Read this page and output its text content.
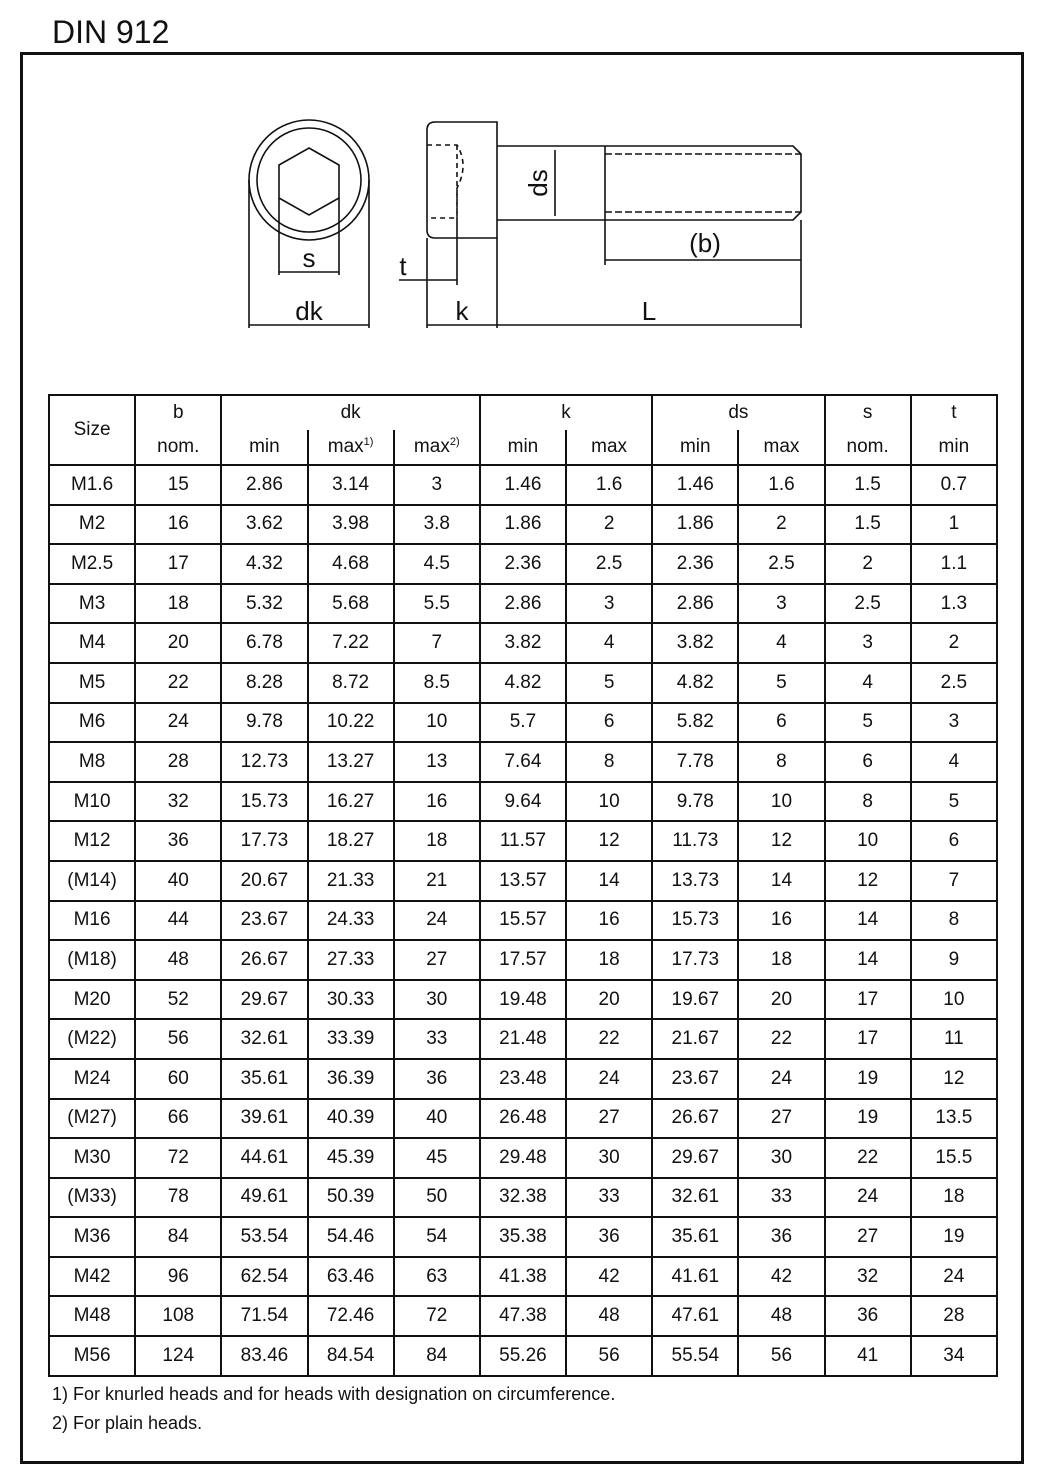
DIN 912
s
dk
t
k
ds
(b)
L
Size	b	dk			k		ds		s	t
	nom.	min	$\max^{1)}$	$\max^{2)}$	min	max	min	max	nom.	min
M1.6	15	2.86	3.14	3	1.46	1.6	1.46	1.6	1.5	0.7
M2	16	3.62	3.98	3.8	1.86	2	1.86	2	1.5	1
M2.5	17	4.32	4.68	4.5	2.36	2.5	2.36	2.5	2	1.1
M3	18	5.32	5.68	5.5	2.86	3	2.86	3	2.5	1.3
M4	20	6.78	7.22	7	3.82	4	3.82	4	3	2
M5	22	8.28	8.72	8.5	4.82	5	4.82	5	4	2.5
M6	24	9.78	10.22	10	5.7	6	5.82	6	5	3
M8	28	12.73	13.27	13	7.64	8	7.78	8	6	4
M10	32	15.73	16.27	16	9.64	10	9.78	10	8	5
M12	36	17.73	18.27	18	11.57	12	11.73	12	10	6
(M14)	40	20.67	21.33	21	13.57	14	13.73	14	12	7
M16	44	23.67	24.33	24	15.57	16	15.73	16	14	8
(M18)	48	26.67	27.33	27	17.57	18	17.73	18	14	9
M20	52	29.67	30.33	30	19.48	20	19.67	20	17	10
(M22)	56	32.61	33.39	33	21.48	22	21.67	22	17	11
M24	60	35.61	36.39	36	23.48	24	23.67	24	19	12
(M27)	66	39.61	40.39	40	26.48	27	26.67	27	19	13.5
M30	72	44.61	45.39	45	29.48	30	29.67	30	22	15.5
(M33)	78	49.61	50.39	50	32.38	33	32.61	33	24	18
M36	84	53.54	54.46	54	35.38	36	35.61	36	27	19
M42	96	62.54	63.46	63	41.38	42	41.61	42	32	24
M48	108	71.54	72.46	72	47.38	48	47.61	48	36	28
M56	124	83.46	84.54	84	55.26	56	55.54	56	41	34
1) For knurled heads and for heads with designation on circumference.
2) For plain heads.
